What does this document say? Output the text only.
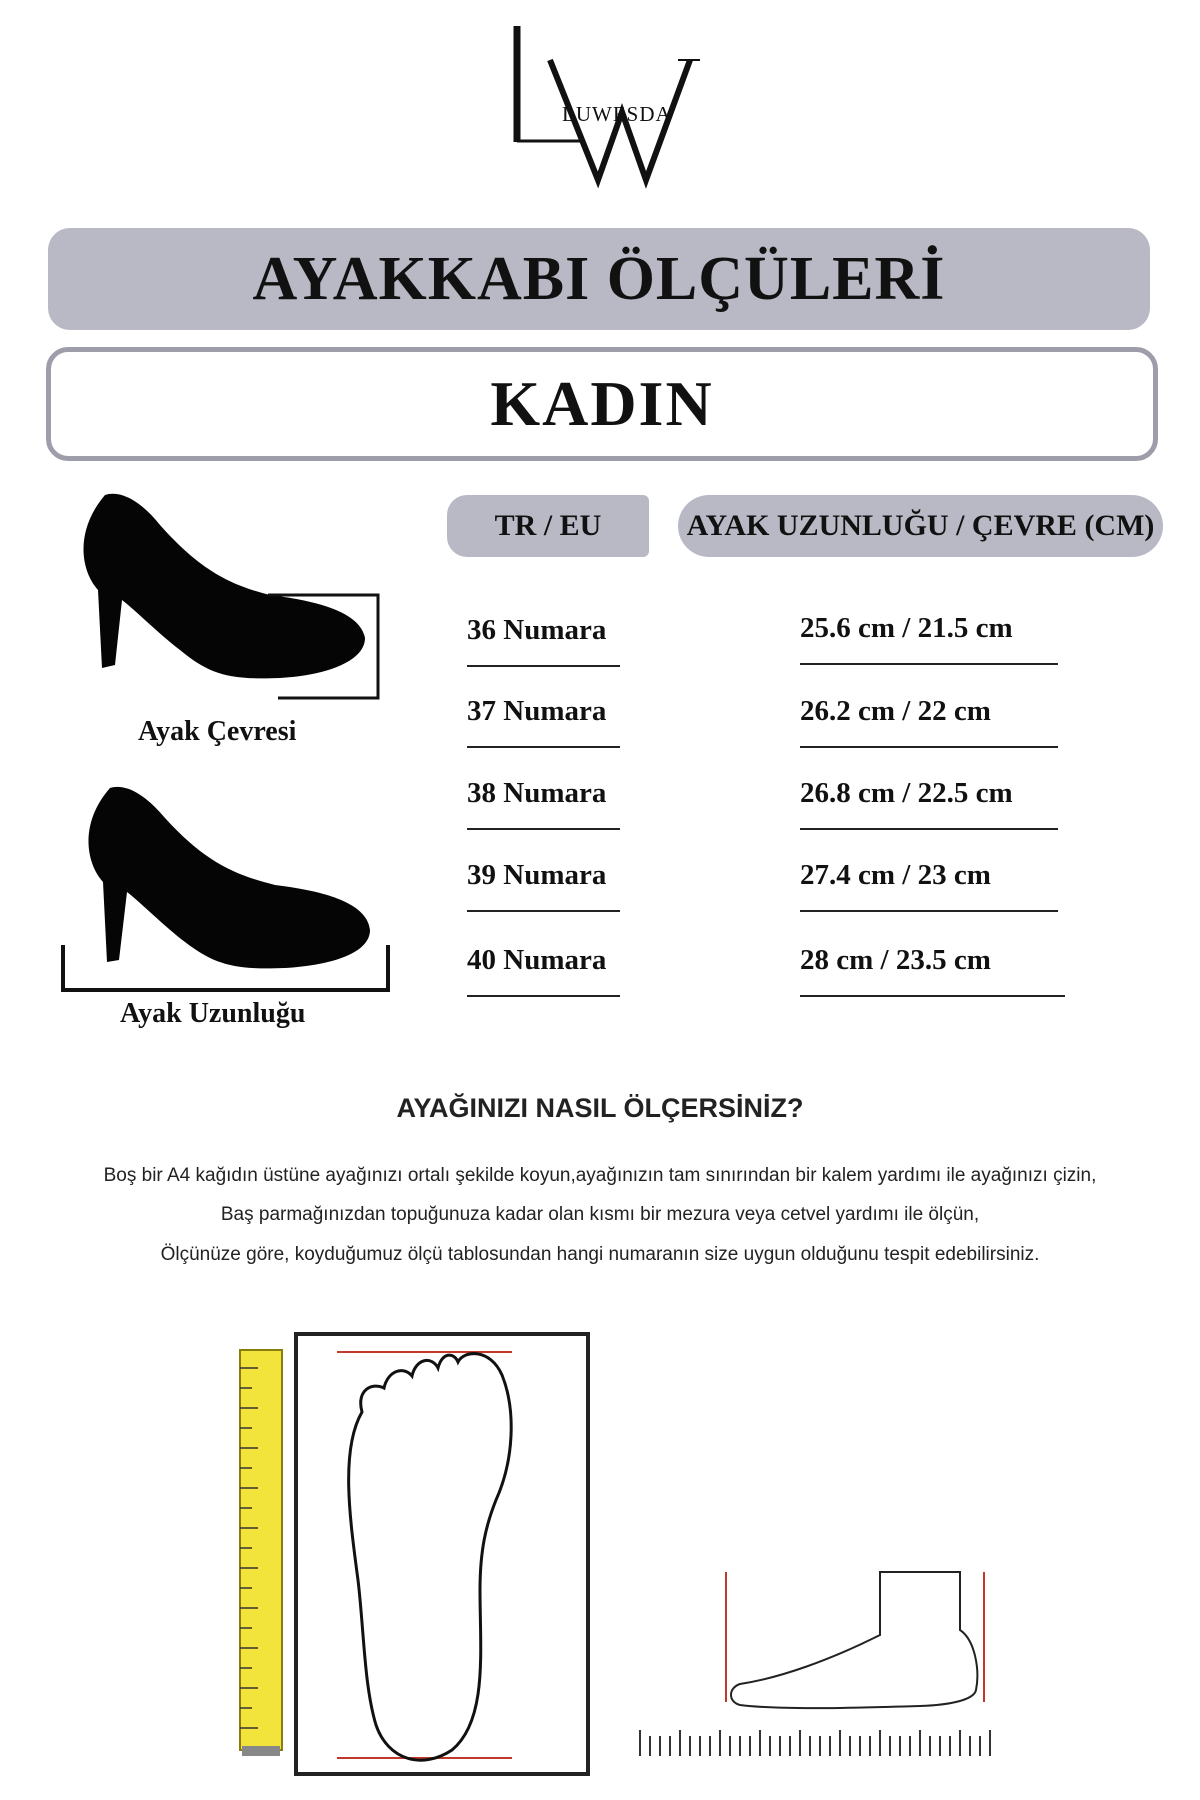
LUWESDA
AYAKKABI ÖLÇÜLERİ
KADIN
Ayak Çevresi
Ayak Uzunluğu
TR / EU	AYAK UZUNLUĞU / ÇEVRE (CM)
36 Numara	25.6 cm / 21.5 cm
37 Numara	26.2 cm / 22 cm
38 Numara	26.8 cm / 22.5 cm
39 Numara	27.4 cm / 23 cm
40 Numara	28 cm / 23.5 cm
AYAĞINIZI NASIL ÖLÇERSİNİZ?
Boş bir A4 kağıdın üstüne ayağınızı ortalı şekilde koyun,ayağınızın tam sınırından bir kalem yardımı ile ayağınızı çizin,
Baş parmağınızdan topuğunuza kadar olan kısmı bir mezura veya cetvel yardımı ile ölçün,
Ölçünüze göre, koyduğumuz ölçü tablosundan hangi numaranın size uygun olduğunu tespit edebilirsiniz.
